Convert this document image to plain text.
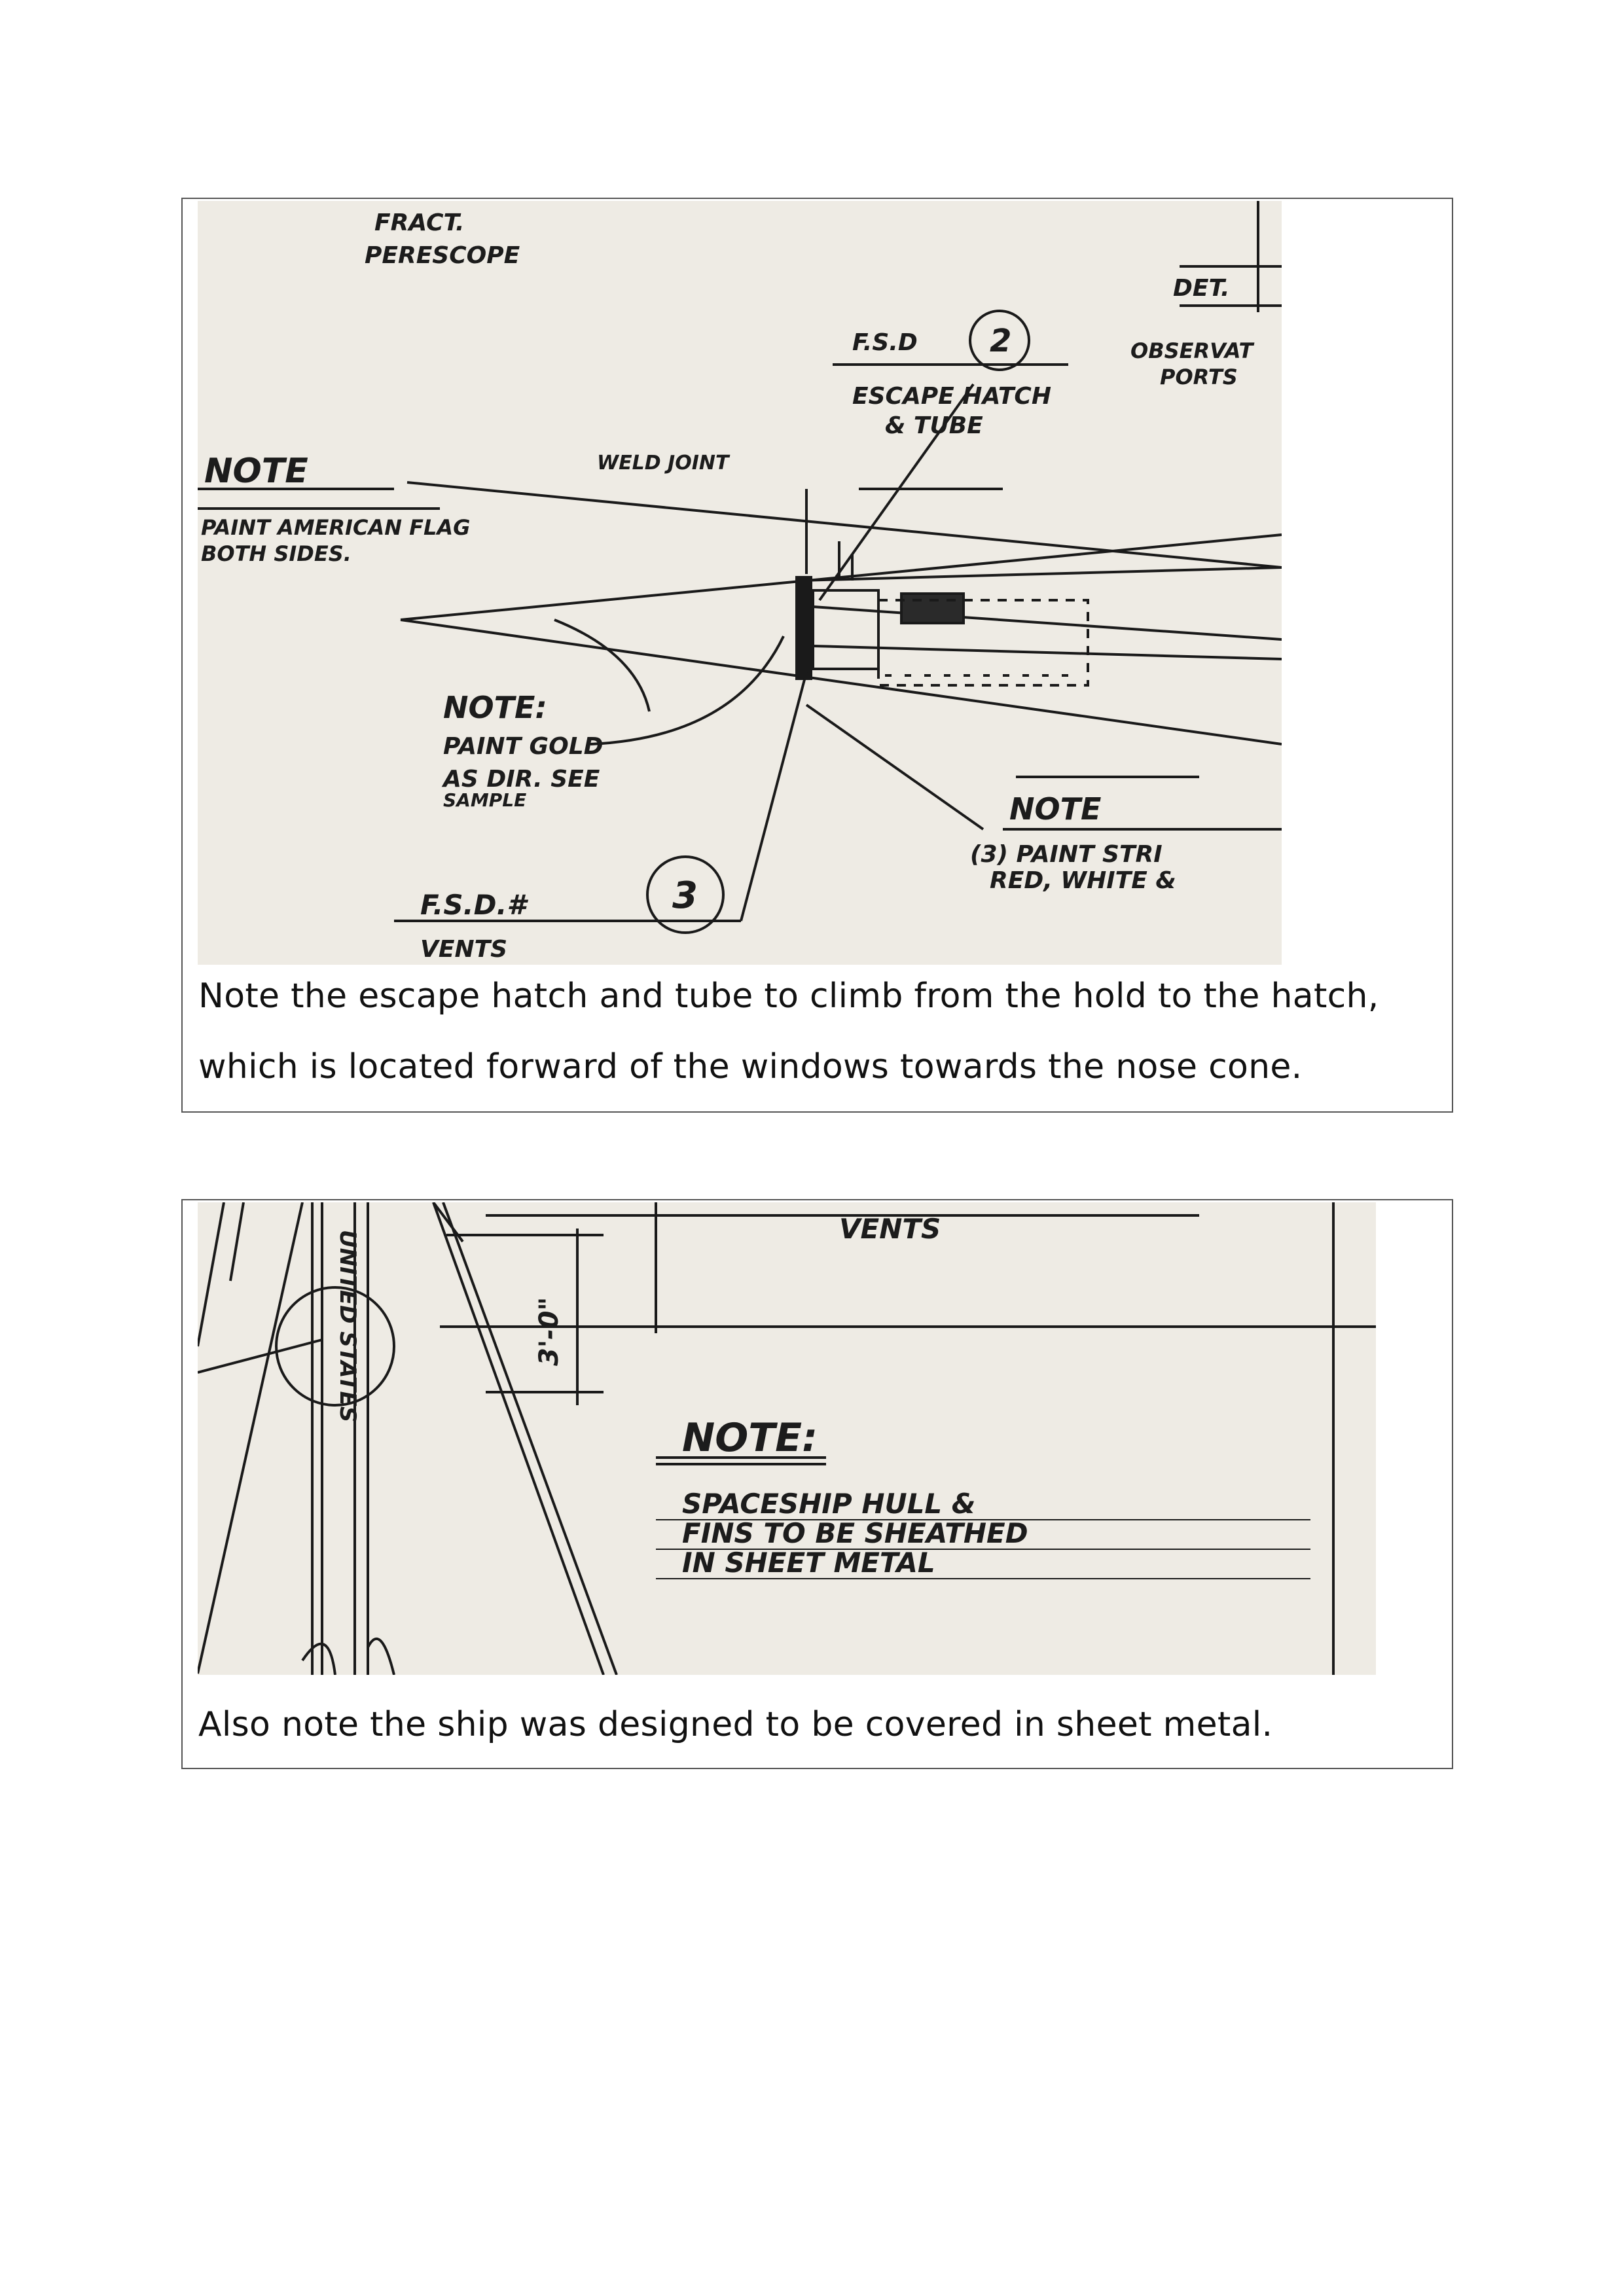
FRACT.
PERESCOPE
DET.
F.S.D 2	OBSERVAT
PORTS
ESCAPE HATCH
& TUBE
WELD JOINT
NOTE
PAINT AMERICAN FLAG
BOTH SIDES.
NOTE:
PAINT GOLD
AS DIR. SEE
SAMPLE	NOTE
(3) PAINT STRI
RED, WHITE &
F.S.D.#	3
VENTS
Note the escape hatch and tube to climb from the hold to the hatch,
which is located forward of the windows towards the nose cone.
VENTS
UNITED STATES	3'-0"
NOTE:
SPACESHIP HULL &
FINS TO BE SHEATHED
IN SHEET METAL
Also note the ship was designed to be covered in sheet metal.
